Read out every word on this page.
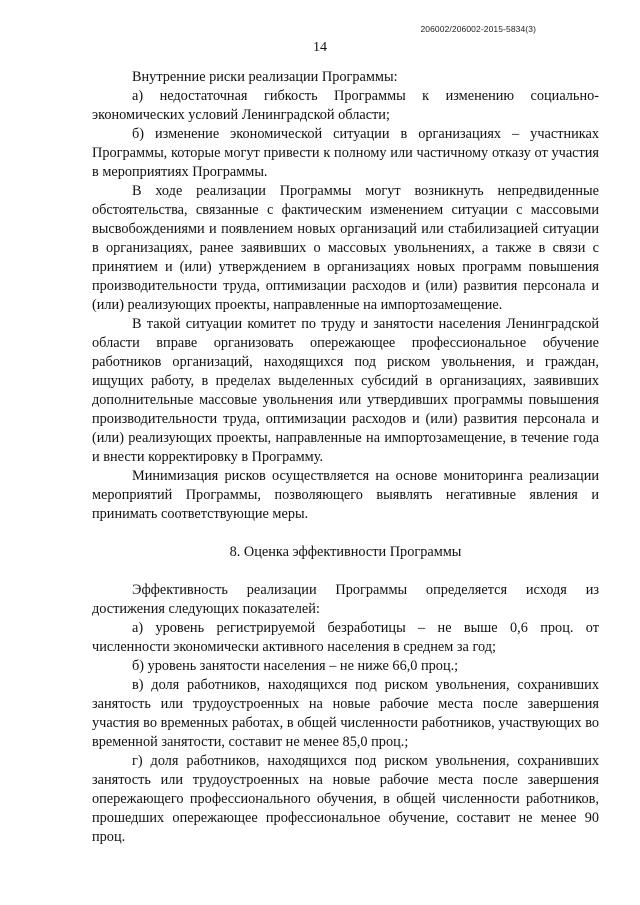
206002/206002-2015-5834(3)
14

Внутренние риски реализации Программы:

а) недостаточная гибкость Программы к изменению социально-экономических условий Ленинградской области;

б) изменение экономической ситуации в организациях – участниках Программы, которые могут привести к полному или частичному отказу от участия в мероприятиях Программы.

В ходе реализации Программы могут возникнуть непредвиденные обстоятельства, связанные с фактическим изменением ситуации с массовыми высвобождениями и появлением новых организаций или стабилизацией ситуации в организациях, ранее заявивших о массовых увольнениях, а также в связи с принятием и (или) утверждением в организациях новых программ повышения производительности труда, оптимизации расходов и (или) развития персонала и (или) реализующих проекты, направленные на импортозамещение.

В такой ситуации комитет по труду и занятости населения Ленинградской области вправе организовать опережающее профессиональное обучение работников организаций, находящихся под риском увольнения, и граждан, ищущих работу, в пределах выделенных субсидий в организациях, заявивших дополнительные массовые увольнения или утвердивших программы повышения производительности труда, оптимизации расходов и (или) развития персонала и (или) реализующих проекты, направленные на импортозамещение, в течение года и внести корректировку в Программу.

Минимизация рисков осуществляется на основе мониторинга реализации мероприятий Программы, позволяющего выявлять негативные явления и принимать соответствующие меры.

8. Оценка эффективности Программы

Эффективность реализации Программы определяется исходя из достижения следующих показателей:

а) уровень регистрируемой безработицы – не выше 0,6 проц. от численности экономически активного населения в среднем за год;

б) уровень занятости населения – не ниже 66,0 проц.;

в) доля работников, находящихся под риском увольнения, сохранивших занятость или трудоустроенных на новые рабочие места после завершения участия во временных работах, в общей численности работников, участвующих во временной занятости, составит не менее 85,0 проц.;

г) доля работников, находящихся под риском увольнения, сохранивших занятость или трудоустроенных на новые рабочие места после завершения опережающего профессионального обучения, в общей численности работников, прошедших опережающее профессиональное обучение, составит не менее 90 проц.
